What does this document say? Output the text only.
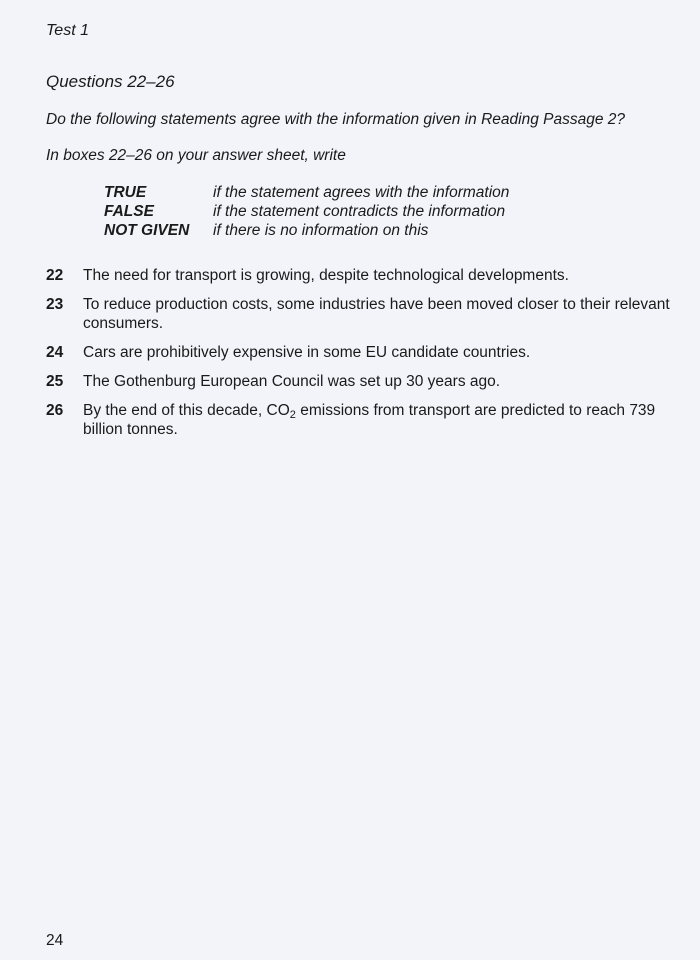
Test 1
Questions 22–26
Do the following statements agree with the information given in Reading Passage 2?
In boxes 22–26 on your answer sheet, write
TRUE	if the statement agrees with the information
FALSE	if the statement contradicts the information
NOT GIVEN	if there is no information on this
22	The need for transport is growing, despite technological developments.
23	To reduce production costs, some industries have been moved closer to their relevant consumers.
24	Cars are prohibitively expensive in some EU candidate countries.
25	The Gothenburg European Council was set up 30 years ago.
26	By the end of this decade, $CO_2$ emissions from transport are predicted to reach 739 billion tonnes.
24
